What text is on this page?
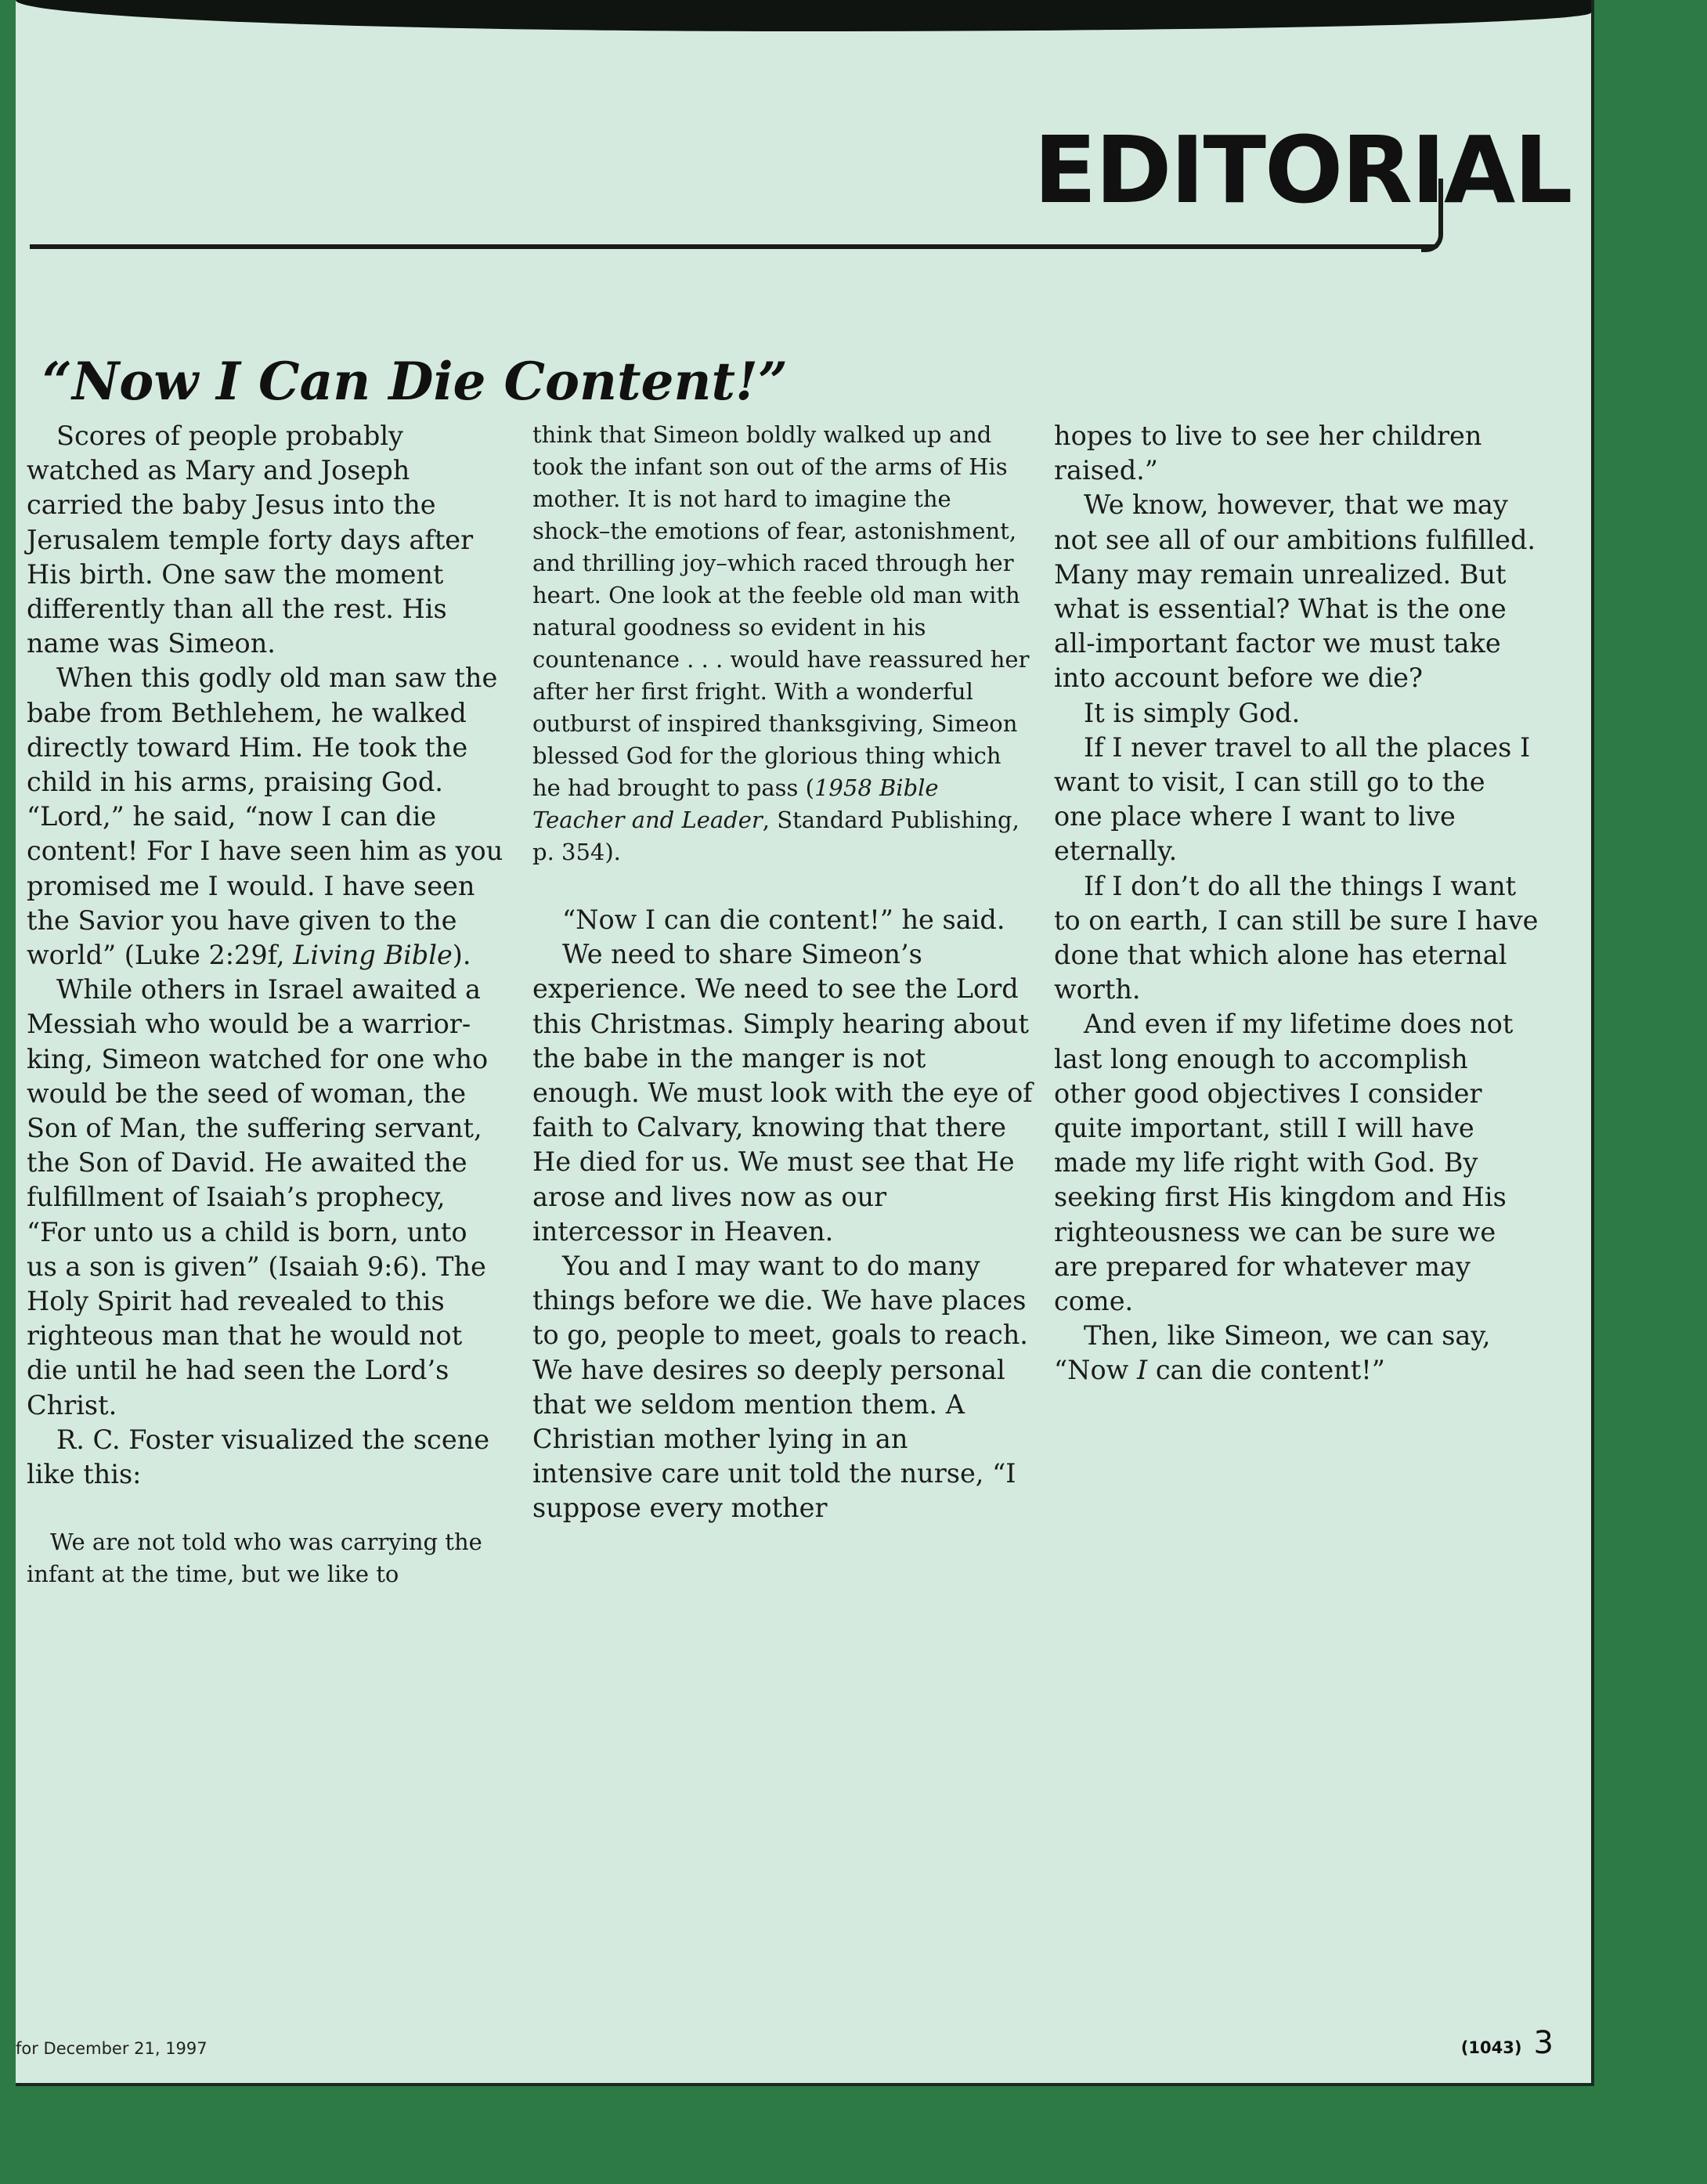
EDITORIAL
“Now I Can Die Content!”

Scores of people probably watched as Mary and Joseph carried the baby Jesus into the Jerusalem temple forty days after His birth. One saw the moment differently than all the rest. His name was Simeon.

When this godly old man saw the babe from Bethlehem, he walked directly toward Him. He took the child in his arms, praising God. “Lord,” he said, “now I can die content! For I have seen him as you promised me I would. I have seen the Savior you have given to the world” (Luke 2:29f, Living Bible).

While others in Israel awaited a Messiah who would be a warrior-king, Simeon watched for one who would be the seed of woman, the Son of Man, the suffering servant, the Son of David. He awaited the fulfillment of Isaiah’s prophecy, “For unto us a child is born, unto us a son is given” (Isaiah 9:6). The Holy Spirit had revealed to this righteous man that he would not die until he had seen the Lord’s Christ.

R. C. Foster visualized the scene like this:

We are not told who was carrying the infant at the time, but we like to

think that Simeon boldly walked up and took the infant son out of the arms of His mother. It is not hard to imagine the shock–the emotions of fear, astonishment, and thrilling joy–which raced through her heart. One look at the feeble old man with natural goodness so evident in his countenance . . . would have reassured her after her first fright. With a wonderful outburst of inspired thanksgiving, Simeon blessed God for the glorious thing which he had brought to pass (1958 Bible Teacher and Leader, Standard Publishing, p. 354).

“Now I can die content!” he said.

We need to share Simeon’s experience. We need to see the Lord this Christmas. Simply hearing about the babe in the manger is not enough. We must look with the eye of faith to Calvary, knowing that there He died for us. We must see that He arose and lives now as our intercessor in Heaven.

You and I may want to do many things before we die. We have places to go, people to meet, goals to reach. We have desires so deeply personal that we seldom mention them. A Christian mother lying in an intensive care unit told the nurse, “I suppose every mother

hopes to live to see her children raised.”

We know, however, that we may not see all of our ambitions fulfilled. Many may remain unrealized. But what is essential? What is the one all-important factor we must take into account before we die?

It is simply God.

If I never travel to all the places I want to visit, I can still go to the one place where I want to live eternally.

If I don’t do all the things I want to on earth, I can still be sure I have done that which alone has eternal worth.

And even if my lifetime does not last long enough to accomplish other good objectives I consider quite important, still I will have made my life right with God. By seeking first His kingdom and His righteousness we can be sure we are prepared for whatever may come.

Then, like Simeon, we can say, “Now I can die content!”

for December 21, 1997	(1043) 3
